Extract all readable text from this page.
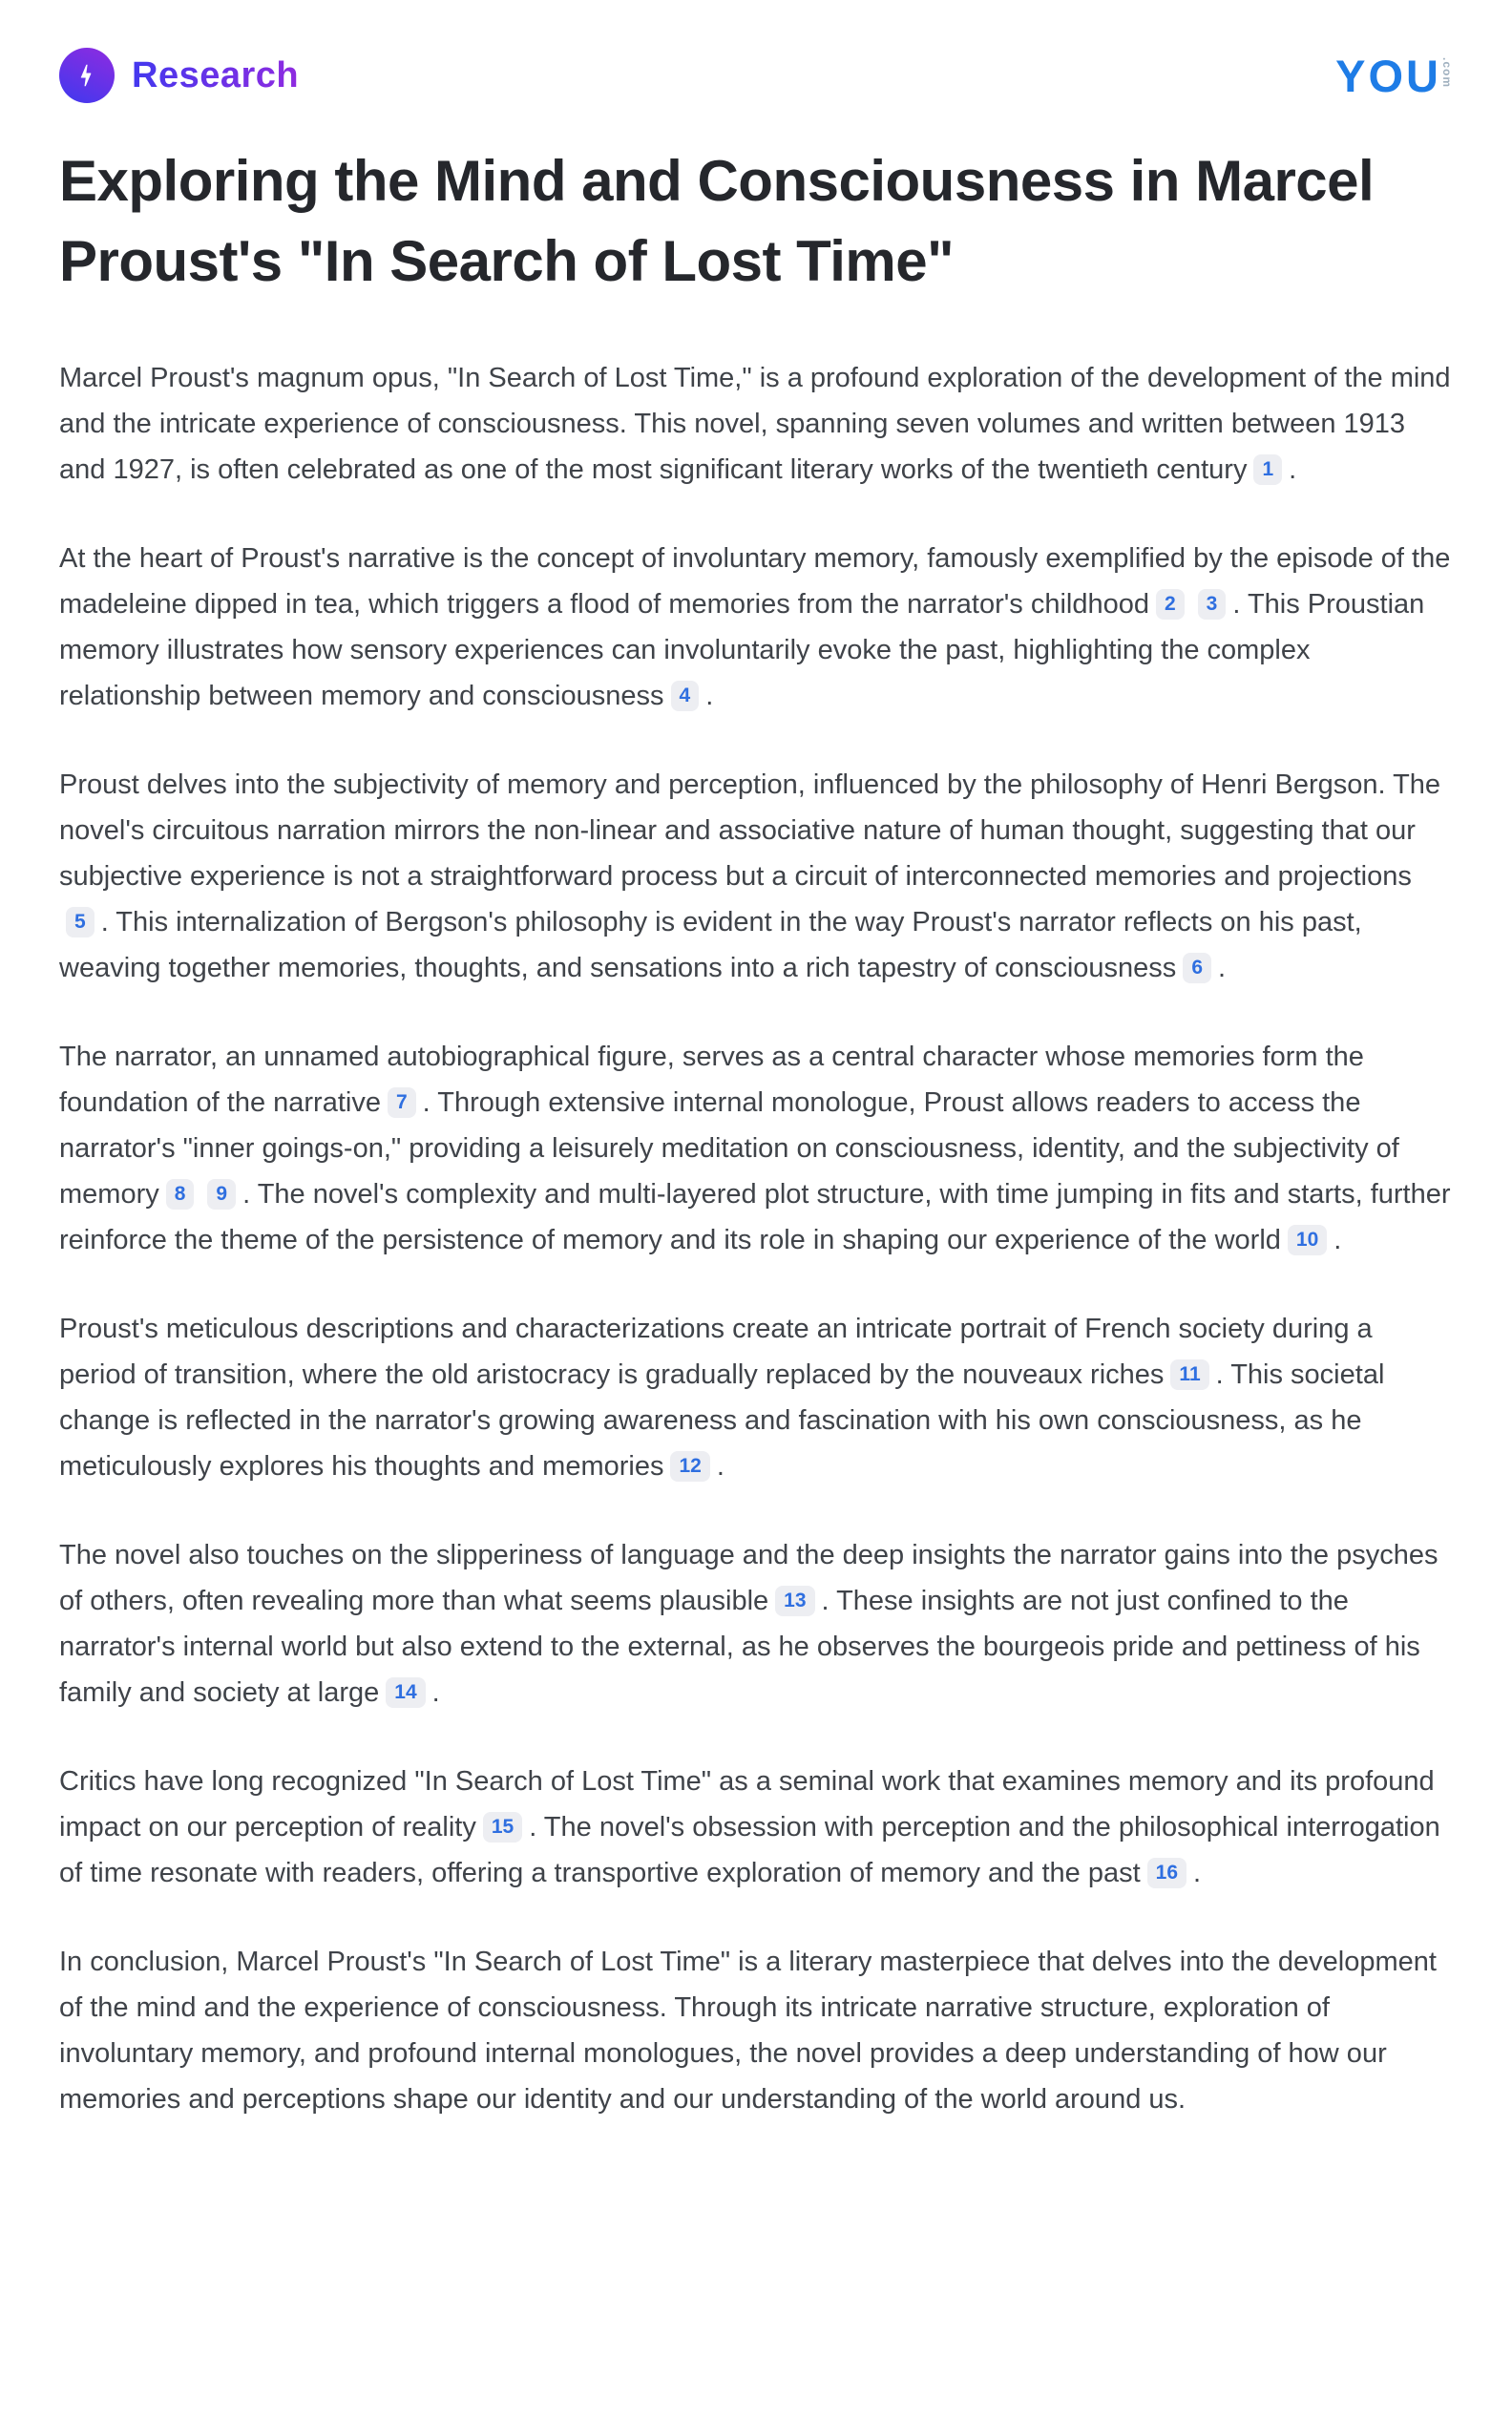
Research	YOU .com
Exploring the Mind and Consciousness in Marcel Proust's "In Search of Lost Time"

Marcel Proust's magnum opus, "In Search of Lost Time," is a profound exploration of the development of the mind and the intricate experience of consciousness. This novel, spanning seven volumes and written between 1913 and 1927, is often celebrated as one of the most significant literary works of the twentieth century 1 .

At the heart of Proust's narrative is the concept of involuntary memory, famously exemplified by the episode of the madeleine dipped in tea, which triggers a flood of memories from the narrator's childhood 2 3 . This Proustian memory illustrates how sensory experiences can involuntarily evoke the past, highlighting the complex relationship between memory and consciousness 4 .

Proust delves into the subjectivity of memory and perception, influenced by the philosophy of Henri Bergson. The novel's circuitous narration mirrors the non-linear and associative nature of human thought, suggesting that our subjective experience is not a straightforward process but a circuit of interconnected memories and projections5 . This internalization of Bergson's philosophy is evident in the way Proust's narrator reflects on his past, weaving together memories, thoughts, and sensations into a rich tapestry of consciousness 6 .

The narrator, an unnamed autobiographical figure, serves as a central character whose memories form the foundation of the narrative 7 . Through extensive internal monologue, Proust allows readers to access the narrator's "inner goings-on," providing a leisurely meditation on consciousness, identity, and the subjectivity of memory 8 9 . The novel's complexity and multi-layered plot structure, with time jumping in fits and starts, further reinforce the theme of the persistence of memory and its role in shaping our experience of the world 10 .

Proust's meticulous descriptions and characterizations create an intricate portrait of French society during a period of transition, where the old aristocracy is gradually replaced by the nouveaux riches 11 . This societal change is reflected in the narrator's growing awareness and fascination with his own consciousness, as he meticulously explores his thoughts and memories 12 .

The novel also touches on the slipperiness of language and the deep insights the narrator gains into the psyches of others, often revealing more than what seems plausible 13 . These insights are not just confined to the narrator's internal world but also extend to the external, as he observes the bourgeois pride and pettiness of his family and society at large 14 .

Critics have long recognized "In Search of Lost Time" as a seminal work that examines memory and its profound impact on our perception of reality 15 . The novel's obsession with perception and the philosophical interrogation of time resonate with readers, offering a transportive exploration of memory and the past 16 .

In conclusion, Marcel Proust's "In Search of Lost Time" is a literary masterpiece that delves into the development of the mind and the experience of consciousness. Through its intricate narrative structure, exploration of involuntary memory, and profound internal monologues, the novel provides a deep understanding of how our memories and perceptions shape our identity and our understanding of the world around us.
